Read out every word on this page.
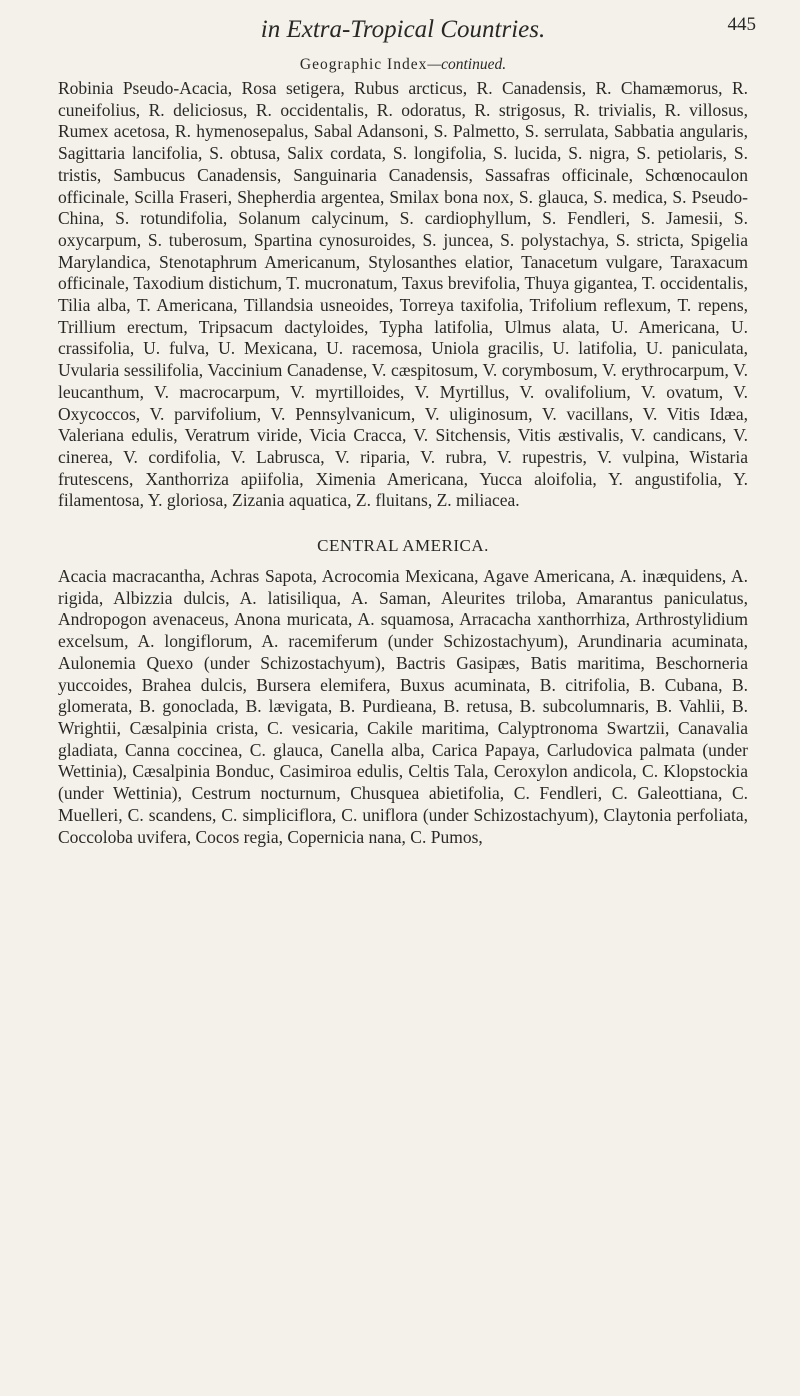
in Extra-Tropical Countries.	445
Geographic Index—continued.

Robinia Pseudo-Acacia, Rosa setigera, Rubus arcticus, R. Canadensis, R. Chamæmorus, R. cuneifolius, R. deliciosus, R. occidentalis, R. odoratus, R. strigosus, R. trivialis, R. villosus, Rumex acetosa, R. hymenosepalus, Sabal Adansoni, S. Palmetto, S. serrulata, Sabbatia angularis, Sagittaria lancifolia, S. obtusa, Salix cordata, S. longifolia, S. lucida, S. nigra, S. petiolaris, S. tristis, Sambucus Canadensis, Sanguinaria Canadensis, Sassafras officinale, Schœnocaulon officinale, Scilla Fraseri, Shepherdia argentea, Smilax bona nox, S. glauca, S. medica, S. Pseudo-China, S. rotundifolia, Solanum calycinum, S. cardiophyllum, S. Fendleri, S. Jamesii, S. oxycarpum, S. tuberosum, Spartina cynosuroides, S. juncea, S. polystachya, S. stricta, Spigelia Marylandica, Stenotaphrum Americanum, Stylosanthes elatior, Tanacetum vulgare, Taraxacum officinale, Taxodium distichum, T. mucronatum, Taxus brevifolia, Thuya gigantea, T. occidentalis, Tilia alba, T. Americana, Tillandsia usneoides, Torreya taxifolia, Trifolium reflexum, T. repens, Trillium erectum, Tripsacum dactyloides, Typha latifolia, Ulmus alata, U. Americana, U. crassifolia, U. fulva, U. Mexicana, U. racemosa, Uniola gracilis, U. latifolia, U. paniculata, Uvularia sessilifolia, Vaccinium Canadense, V. cæspitosum, V. corymbosum, V. erythrocarpum, V. leucanthum, V. macrocarpum, V. myrtilloides, V. Myrtillus, V. ovalifolium, V. ovatum, V. Oxycoccos, V. parvifolium, V. Pennsylvanicum, V. uliginosum, V. vacillans, V. Vitis Idæa, Valeriana edulis, Veratrum viride, Vicia Cracca, V. Sitchensis, Vitis æstivalis, V. candicans, V. cinerea, V. cordifolia, V. Labrusca, V. riparia, V. rubra, V. rupestris, V. vulpina, Wistaria frutescens, Xanthorriza apiifolia, Ximenia Americana, Yucca aloifolia, Y. angustifolia, Y. filamentosa, Y. gloriosa, Zizania aquatica, Z. fluitans, Z. miliacea.

CENTRAL AMERICA.

Acacia macracantha, Achras Sapota, Acrocomia Mexicana, Agave Americana, A. inæquidens, A. rigida, Albizzia dulcis, A. latisiliqua, A. Saman, Aleurites triloba, Amarantus paniculatus, Andropogon avenaceus, Anona muricata, A. squamosa, Arracacha xanthorrhiza, Arthrostylidium excelsum, A. longiflorum, A. racemiferum (under Schizostachyum), Arundinaria acuminata, Aulonemia Quexo (under Schizostachyum), Bactris Gasipæs, Batis maritima, Beschorneria yuccoides, Brahea dulcis, Bursera elemifera, Buxus acuminata, B. citrifolia, B. Cubana, B. glomerata, B. gonoclada, B. lævigata, B. Purdieana, B. retusa, B. subcolumnaris, B. Vahlii, B. Wrightii, Cæsalpinia crista, C. vesicaria, Cakile maritima, Calyptronoma Swartzii, Canavalia gladiata, Canna coccinea, C. glauca, Canella alba, Carica Papaya, Carludovica palmata (under Wettinia), Cæsalpinia Bonduc, Casimiroa edulis, Celtis Tala, Ceroxylon andicola, C. Klopstockia (under Wettinia), Cestrum nocturnum, Chusquea abietifolia, C. Fendleri, C. Galeottiana, C. Muelleri, C. scandens, C. simpliciflora, C. uniflora (under Schizostachyum), Claytonia perfoliata, Coccoloba uvifera, Cocos regia, Copernicia nana, C. Pumos,
